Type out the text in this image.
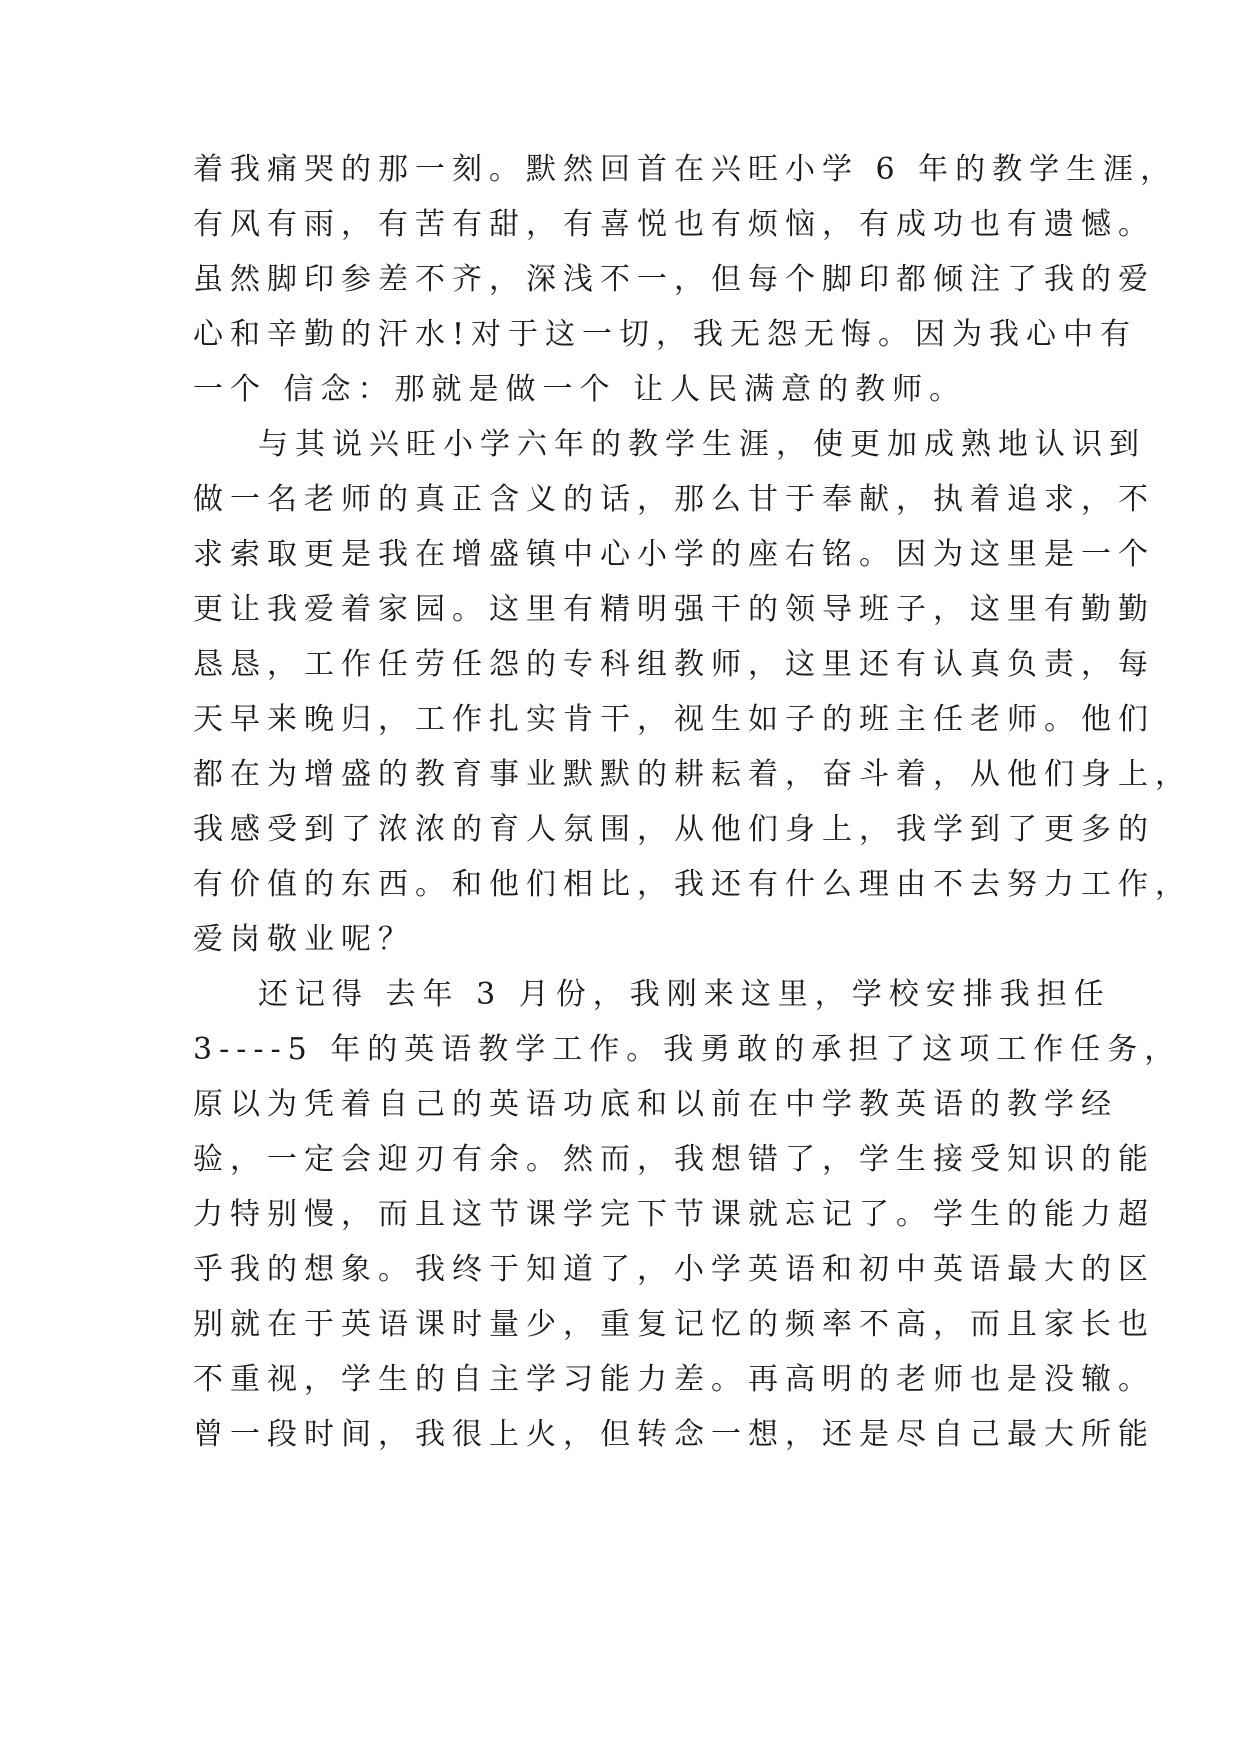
着我痛哭的那一刻。默然回首在兴旺小学 6 年的教学生涯，
有风有雨，有苦有甜，有喜悦也有烦恼，有成功也有遗憾。
虽然脚印参差不齐，深浅不一，但每个脚印都倾注了我的爱
心和辛勤的汗水!对于这一切，我无怨无悔。因为我心中有
一个 信念：那就是做一个 让人民满意的教师。
与其说兴旺小学六年的教学生涯，使更加成熟地认识到
做一名老师的真正含义的话，那么甘于奉献，执着追求，不
求索取更是我在增盛镇中心小学的座右铭。因为这里是一个
更让我爱着家园。这里有精明强干的领导班子，这里有勤勤
恳恳，工作任劳任怨的专科组教师，这里还有认真负责，每
天早来晚归，工作扎实肯干，视生如子的班主任老师。他们
都在为增盛的教育事业默默的耕耘着，奋斗着，从他们身上，
我感受到了浓浓的育人氛围，从他们身上，我学到了更多的
有价值的东西。和他们相比，我还有什么理由不去努力工作，
爱岗敬业呢？
还记得 去年 3 月份，我刚来这里，学校安排我担任
3----5 年的英语教学工作。我勇敢的承担了这项工作任务，
原以为凭着自己的英语功底和以前在中学教英语的教学经
验，一定会迎刃有余。然而，我想错了，学生接受知识的能
力特别慢，而且这节课学完下节课就忘记了。学生的能力超
乎我的想象。我终于知道了，小学英语和初中英语最大的区
别就在于英语课时量少，重复记忆的频率不高，而且家长也
不重视，学生的自主学习能力差。再高明的老师也是没辙。
曾一段时间，我很上火，但转念一想，还是尽自己最大所能
